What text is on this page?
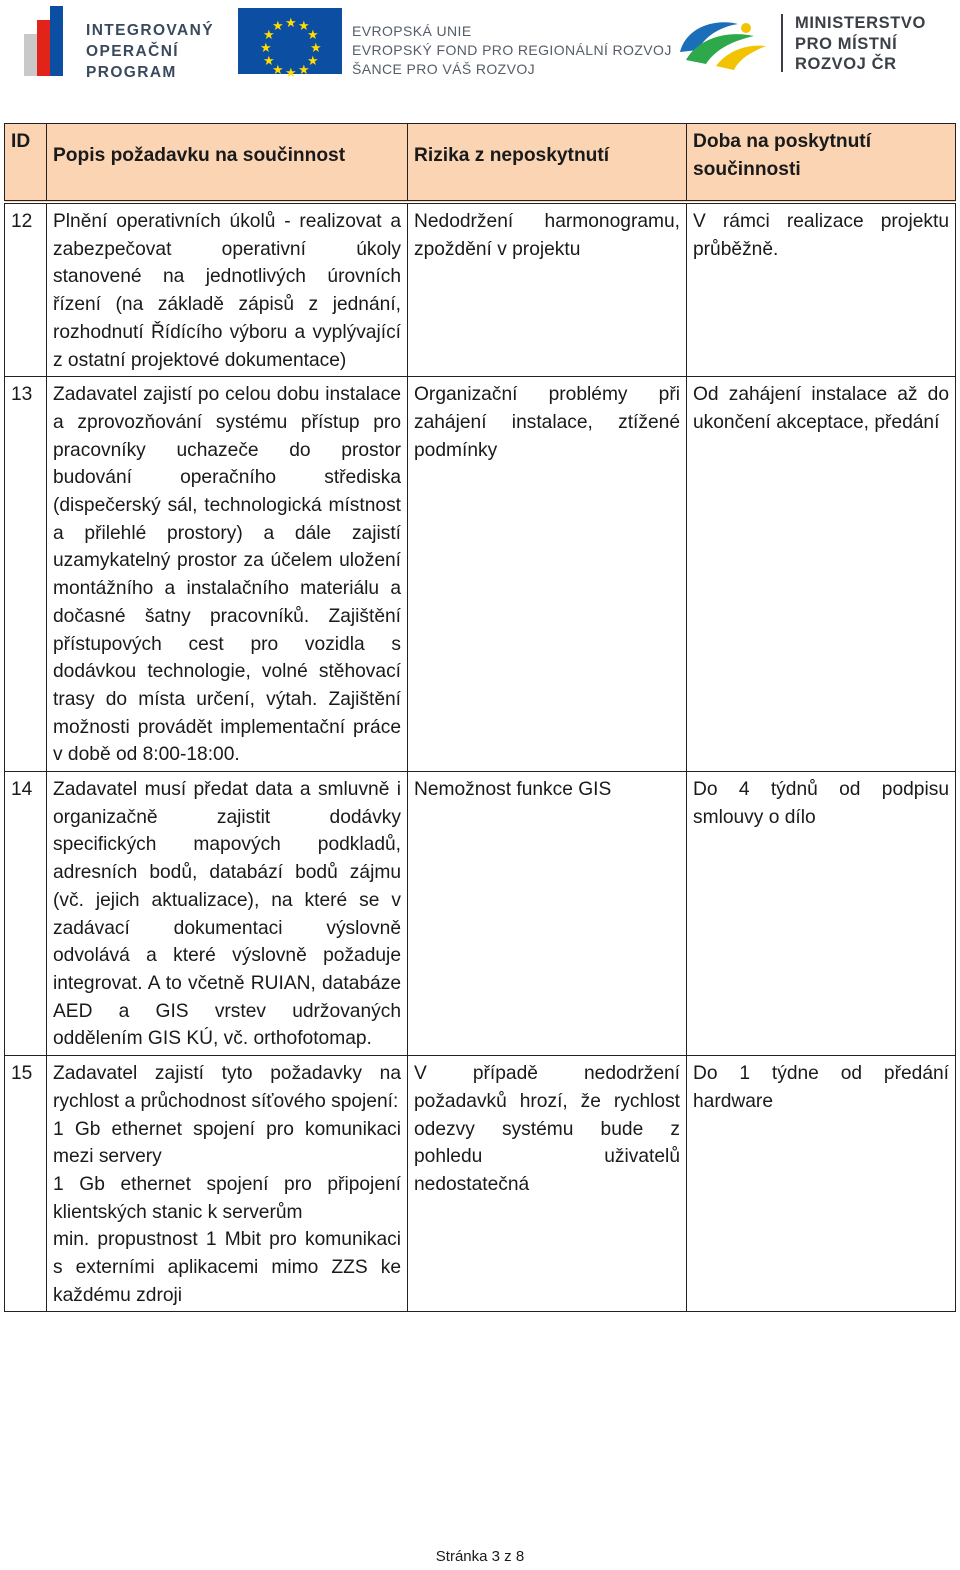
INTEGROVANÝ
OPERAČNÍ
PROGRAM
★ ★
★
★
★
★
★
★
★
★
★
★	EVROPSKÁ UNIE
EVROPSKÝ FOND PRO REGIONÁLNÍ ROZVOJ
ŠANCE PRO VÁŠ ROZVOJ
MINISTERSTVO
PRO MÍSTNÍ
ROZVOJ ČR
ID	Popis požadavku na součinnost	Rizika z neposkytnutí	Doba na poskytnutí součinnosti
12	Plnění operativních úkolů - realizovat a zabezpečovat operativní úkoly stanovené na jednotlivých úrovních řízení (na základě zápisů z jednání, rozhodnutí Řídícího výboru a vyplývající z ostatní projektové dokumentace)	Nedodržení harmonogramu, zpoždění v projektu	V rámci realizace projektu průběžně.
13	Zadavatel zajistí po celou dobu instalace a zprovozňování systému přístup pro pracovníky uchazeče do prostor budování operačního střediska (dispečerský sál, technologická místnost a přilehlé prostory) a dále zajistí uzamykatelný prostor za účelem uložení montážního a instalačního materiálu a dočasné šatny pracovníků. Zajištění přístupových cest pro vozidla s dodávkou technologie, volné stěhovací trasy do místa určení, výtah. Zajištění možnosti provádět implementační práce v době od 8:00-18:00.	Organizační problémy při zahájení instalace, ztížené podmínky	Od zahájení instalace až do ukončení akceptace, předání
14	Zadavatel musí předat data a smluvně i organizačně zajistit dodávky specifických mapových podkladů, adresních bodů, databází bodů zájmu (vč. jejich aktualizace), na které se v zadávací dokumentaci výslovně odvolává a které výslovně požaduje integrovat. A to včetně RUIAN, databáze AED a GIS vrstev udržovaných oddělením GIS KÚ, vč. orthofotomap.	Nemožnost funkce GIS	Do 4 týdnů od podpisu smlouvy o dílo
15	Zadavatel zajistí tyto požadavky na rychlost a průchodnost síťového spojení:
1 Gb ethernet spojení pro komunikaci mezi servery
1 Gb ethernet spojení pro připojení klientských stanic k serverům
min. propustnost 1 Mbit pro komunikaci s externími aplikacemi mimo ZZS ke každému zdroji	V případě nedodržení požadavků hrozí, že rychlost odezvy systému bude z pohledu uživatelů nedostatečná	Do 1 týdne od předání hardware
Stránka 3 z 8
